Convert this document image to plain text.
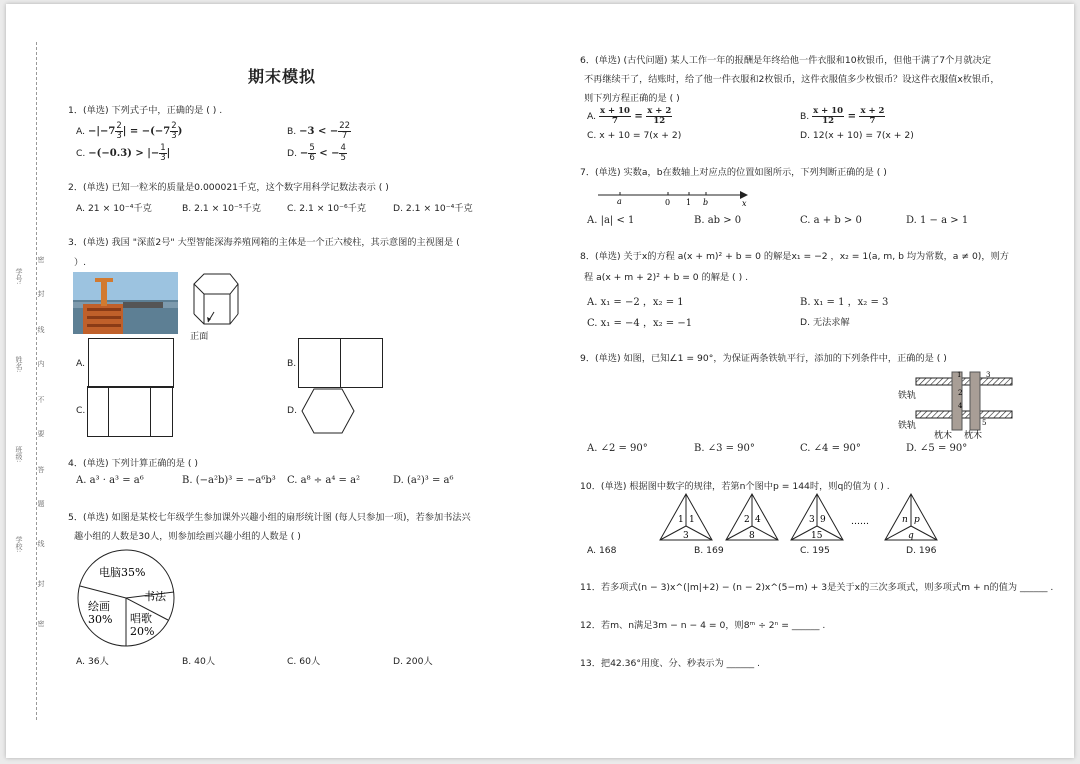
学号:
姓名:
班级:
学校:
密
封
线
内
不
要
答
题
线
封
密
期末模拟
1．(单选) 下列式子中，正确的是 ( ) .
A. $-|-7 \frac{2}{3}$ | = $-(-7 \frac{2}{3}$ )	B. −3 < − $\frac{22}{7}$
C. −(−0.3) > |− $\frac{1}{3}$ |	D. − $\frac{5}{6}$ < − $\frac{4}{5}$
2．(单选) 已知一粒米的质量是0.000021千克，这个数字用科学记数法表示 ( )
A. 21 × 10⁻⁴千克	B. 2.1 × 10⁻⁵千克	C. 2.1 × 10⁻⁶千克	D. 2.1 × 10⁻⁴千克
3．(单选) 我国 "深蓝2号" 大型智能深海养殖网箱的主体是一个正六棱柱，其示意图的主视图是 (
）.
正面
A.	B.
C.	D.
4．(单选) 下列计算正确的是 ( )
A. a³ · a³ = a⁶	B. (−a²b)³ = −a⁶b³ C. a⁸ ÷ a⁴ = a²	D. (a²)³ = a⁶
5．(单选) 如图是某校七年级学生参加课外兴趣小组的扇形统计图 (每人只参加一项)，若参加书法兴
趣小组的人数是30人，则参加绘画兴趣小组的人数是 ( )
电脑35%
书法
绘画
30% 唱歌
20%
A. 36人	B. 40人	C. 60人	D. 200人
6．(单选) (古代问题) 某人工作一年的报酬是年终给他一件衣服和10枚银币，但他干满了7个月就决定
不再继续干了，结账时，给了他一件衣服和2枚银币，这件衣服值多少枚银币？设这件衣服值x枚银币，
则下列方程正确的是 ( )
A. $\frac{x + 10}{7} = \frac{x + 2}{12}$	B. $\frac{x + 10}{12} = \frac{x + 2}{7}$
C. x + 10 = 7(x + 2)	D. 12(x + 10) = 7(x + 2)
7．(单选) 实数a，b在数轴上对应点的位置如图所示，下列判断正确的是 ( )
a	0 1 b	x
A. |a| < 1	B. ab > 0	C. a + b > 0	D. 1 − a > 1
8．(单选) 关于x的方程 a(x + m)² + b = 0 的解是x₁ = −2 ，x₂ = 1(a, m, b 均为常数，a ≠ 0)，则方
程 a(x + m + 2)² + b = 0 的解是 ( ) .
A. x₁ = −2 ，x₂ = 1	B. x₁ = 1 ，x₂ = 3
C. x₁ = −4 ，x₂ = −1	D. 无法求解
9．(单选) 如图，已知∠1 = 90°，为保证两条铁轨平行，添加的下列条件中，正确的是 ( )
铁轨
铁轨
枕木 枕木
1
2
3
4
5
A. ∠2 = 90°	B. ∠3 = 90°	C. ∠4 = 90°	D. ∠5 = 90°
10．(单选) 根据图中数字的规律，若第n个图中p = 144时，则q的值为 ( ) .
1 1
3
2 4
8
3 9
15
n p
q
……
A. 168	B. 169	C. 195	D. 196
11．若多项式(n − 3)x^(|m|+2) − (n − 2)x^(5−m) + 3是关于x的三次多项式，则多项式m + n的值为 ______ .
12．若m、n满足3m − n − 4 = 0，则8ᵐ ÷ 2ⁿ = ______ .
13．把42.36°用度、分、秒表示为 ______ .
